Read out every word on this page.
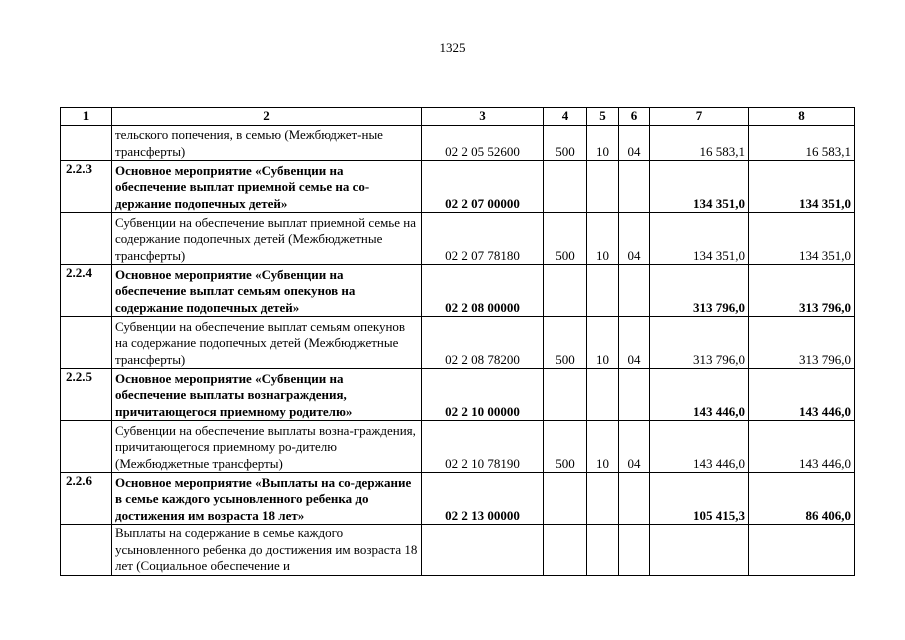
1325
1	2	3	4	5	6	7	8
	тельского попечения, в семью (Межбюджет-ные трансферты)	02 2 05 52600	500	10	04	16 583,1	16 583,1
2.2.3	Основное мероприятие «Субвенции на обеспечение выплат приемной семье на со-держание подопечных детей»	02 2 07 00000				134 351,0	134 351,0
	Субвенции на обеспечение выплат приемной семье на содержание подопечных детей (Межбюджетные трансферты)	02 2 07 78180	500	10	04	134 351,0	134 351,0
2.2.4	Основное мероприятие «Субвенции на обеспечение выплат семьям опекунов на содержание подопечных детей»	02 2 08 00000				313 796,0	313 796,0
	Субвенции на обеспечение выплат семьям опекунов на содержание подопечных детей (Межбюджетные трансферты)	02 2 08 78200	500	10	04	313 796,0	313 796,0
2.2.5	Основное мероприятие «Субвенции на обеспечение выплаты вознаграждения, причитающегося приемному родителю»	02 2 10 00000				143 446,0	143 446,0
	Субвенции на обеспечение выплаты возна-граждения, причитающегося приемному ро-дителю (Межбюджетные трансферты)	02 2 10 78190	500	10	04	143 446,0	143 446,0
2.2.6	Основное мероприятие «Выплаты на со-держание в семье каждого усыновленного ребенка до достижения им возраста 18 лет»	02 2 13 00000				105 415,3	86 406,0
	Выплаты на содержание в семье каждого усыновленного ребенка до достижения им возраста 18 лет (Социальное обеспечение и						
